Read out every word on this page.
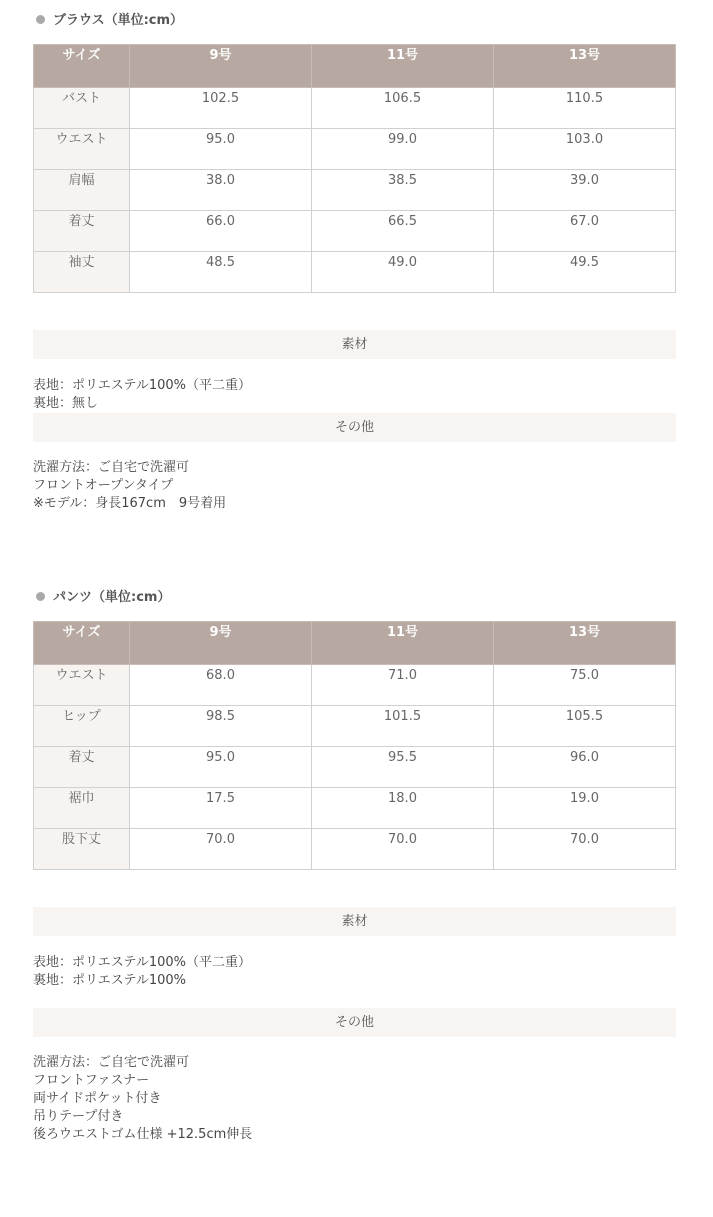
ブラウス（単位:cm）
サイズ	9号	11号	13号

バスト	102.5	106.5	110.5

ウエスト	95.0	99.0	103.0

肩幅	38.0	38.5	39.0

着丈	66.0	66.5	67.0

袖丈	48.5	49.0	49.5
素材
表地：ポリエステル100%（平二重）
裏地：無し
その他
洗濯方法：ご自宅で洗濯可
フロントオープンタイプ
※モデル：身長167cm　9号着用
パンツ（単位:cm）
サイズ	9号	11号	13号

ウエスト	68.0	71.0	75.0

ヒップ	98.5	101.5	105.5

着丈	95.0	95.5	96.0

裾巾	17.5	18.0	19.0

股下丈	70.0	70.0	70.0
素材
表地：ポリエステル100%（平二重）
裏地：ポリエステル100%
その他
洗濯方法：ご自宅で洗濯可
フロントファスナー
両サイドポケット付き
吊りテープ付き
後ろウエストゴム仕様 +12.5cm伸長
